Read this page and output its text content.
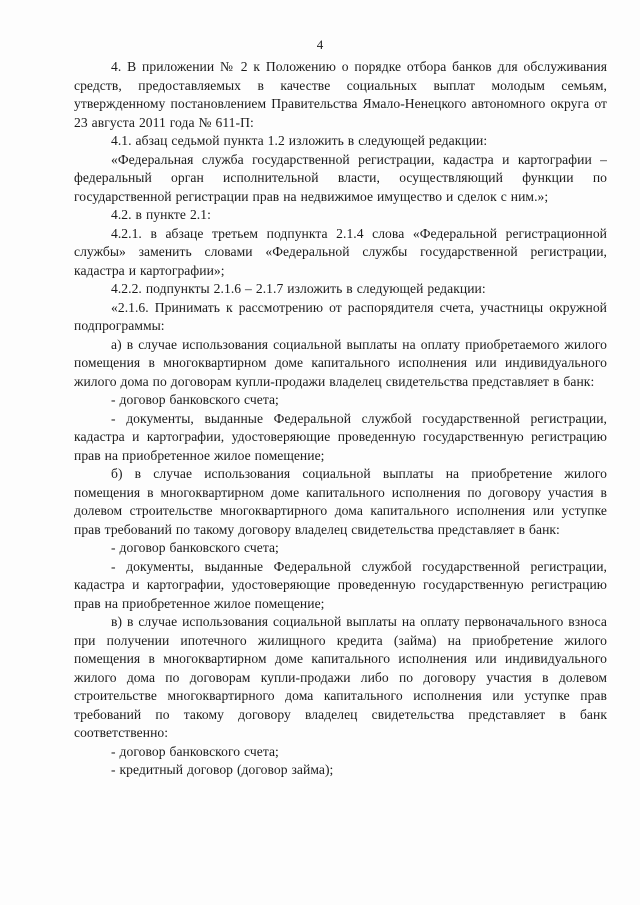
4

4. В приложении № 2 к Положению о порядке отбора банков для обслуживания средств, предоставляемых в качестве социальных выплат молодым семьям, утвержденному постановлением Правительства Ямало-Ненецкого автономного округа от 23 августа 2011 года № 611-П:

4.1. абзац седьмой пункта 1.2 изложить в следующей редакции:

«Федеральная служба государственной регистрации, кадастра и картографии – федеральный орган исполнительной власти, осуществляющий функции по государственной регистрации прав на недвижимое имущество и сделок с ним.»;

4.2. в пункте 2.1:

4.2.1. в абзаце третьем подпункта 2.1.4 слова «Федеральной регистрационной службы» заменить словами «Федеральной службы государственной регистрации, кадастра и картографии»;

4.2.2. подпункты 2.1.6 – 2.1.7 изложить в следующей редакции:

«2.1.6. Принимать к рассмотрению от распорядителя счета, участницы окружной подпрограммы:

а) в случае использования социальной выплаты на оплату приобретаемого жилого помещения в многоквартирном доме капитального исполнения или индивидуального жилого дома по договорам купли-продажи владелец свидетельства представляет в банк:

- договор банковского счета;

- документы, выданные Федеральной службой государственной регистрации, кадастра и картографии, удостоверяющие проведенную государственную регистрацию прав на приобретенное жилое помещение;

б) в случае использования социальной выплаты на приобретение жилого помещения в многоквартирном доме капитального исполнения по договору участия в долевом строительстве многоквартирного дома капитального исполнения или уступке прав требований по такому договору владелец свидетельства представляет в банк:

- договор банковского счета;

- документы, выданные Федеральной службой государственной регистрации, кадастра и картографии, удостоверяющие проведенную государственную регистрацию прав на приобретенное жилое помещение;

в) в случае использования социальной выплаты на оплату первоначального взноса при получении ипотечного жилищного кредита (займа) на приобретение жилого помещения в многоквартирном доме капитального исполнения или индивидуального жилого дома по договорам купли-продажи либо по договору участия в долевом строительстве многоквартирного дома капитального исполнения или уступке прав требований по такому договору владелец свидетельства представляет в банк соответственно:

- договор банковского счета;

- кредитный договор (договор займа);
